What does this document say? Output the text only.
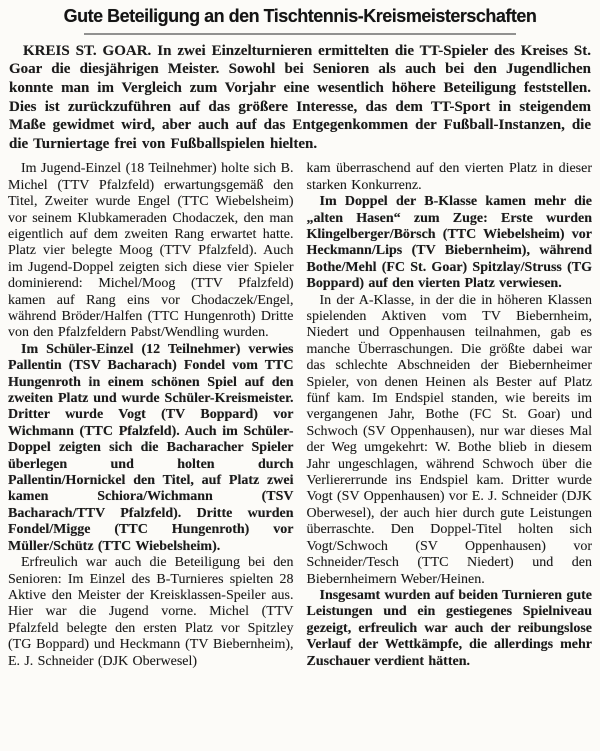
Gute Beteiligung an den Tischtennis-Kreismeisterschaften

KREIS ST. GOAR. In zwei Einzelturnieren ermittelten die TT-Spieler des Kreises St. Goar die diesjährigen Meister. Sowohl bei Senioren als auch bei den Jugendlichen konnte man im Vergleich zum Vorjahr eine wesentlich höhere Beteiligung feststellen. Dies ist zurückzuführen auf das größere Interesse, das dem TT-Sport in steigendem Maße gewidmet wird, aber auch auf das Entgegenkommen der Fußball-Instanzen, die die Turniertage frei von Fußballspielen hielten.

Im Jugend-Einzel (18 Teilnehmer) holte sich B. Michel (TTV Pfalzfeld) erwartungsgemäß den Titel, Zweiter wurde Engel (TTC Wiebelsheim) vor seinem Klubkameraden Chodaczek, den man eigentlich auf dem zweiten Rang erwartet hatte. Platz vier belegte Moog (TTV Pfalzfeld). Auch im Jugend-Doppel zeigten sich diese vier Spieler dominierend: Michel/Moog (TTV Pfalzfeld) kamen auf Rang eins vor Chodaczek/Engel, während Bröder/Halfen (TTC Hungenroth) Dritte von den Pfalzfeldern Pabst/Wendling wurden.

Im Schüler-Einzel (12 Teilnehmer) verwies Pallentin (TSV Bacharach) Fondel vom TTC Hungenroth in einem schönen Spiel auf den zweiten Platz und wurde Schüler-Kreismeister. Dritter wurde Vogt (TV Boppard) vor Wichmann (TTC Pfalzfeld). Auch im Schüler-Doppel zeigten sich die Bacharacher Spieler überlegen und holten durch Pallentin/Hornickel den Titel, auf Platz zwei kamen Schiora/Wichmann (TSV Bacharach/TTV Pfalzfeld). Dritte wurden Fondel/Migge (TTC Hungenroth) vor Müller/Schütz (TTC Wiebelsheim).

Erfreulich war auch die Beteiligung bei den Senioren: Im Einzel des B-Turnieres spielten 28 Aktive den Meister der Kreisklassen-Speiler aus. Hier war die Jugend vorne. Michel (TTV Pfalzfeld belegte den ersten Platz vor Spitzley (TG Boppard) und Heckmann (TV Biebernheim), E. J. Schneider (DJK Oberwesel)

kam überraschend auf den vierten Platz in dieser starken Konkurrenz.

Im Doppel der B-Klasse kamen mehr die „alten Hasen“ zum Zuge: Erste wurden Klingelberger/Börsch (TTC Wiebelsheim) vor Heckmann/Lips (TV Biebernheim), während Bothe/Mehl (FC St. Goar) Spitzlay/Struss (TG Boppard) auf den vierten Platz verwiesen.

In der A-Klasse, in der die in höheren Klassen spielenden Aktiven vom TV Biebernheim, Niedert und Oppenhausen teilnahmen, gab es manche Überraschungen. Die größte dabei war das schlechte Abschneiden der Biebernheimer Spieler, von denen Heinen als Bester auf Platz fünf kam. Im Endspiel standen, wie bereits im vergangenen Jahr, Bothe (FC St. Goar) und Schwoch (SV Oppenhausen), nur war dieses Mal der Weg umgekehrt: W. Bothe blieb in diesem Jahr ungeschlagen, während Schwoch über die Verliererrunde ins Endspiel kam. Dritter wurde Vogt (SV Oppenhausen) vor E. J. Schneider (DJK Oberwesel), der auch hier durch gute Leistungen überraschte. Den Doppel-Titel holten sich Vogt/Schwoch (SV Oppenhausen) vor Schneider/Tesch (TTC Niedert) und den Biebernheimern Weber/Heinen.

Insgesamt wurden auf beiden Turnieren gute Leistungen und ein gestiegenes Spielniveau gezeigt, erfreulich war auch der reibungslose Verlauf der Wettkämpfe, die allerdings mehr Zuschauer verdient hätten.
